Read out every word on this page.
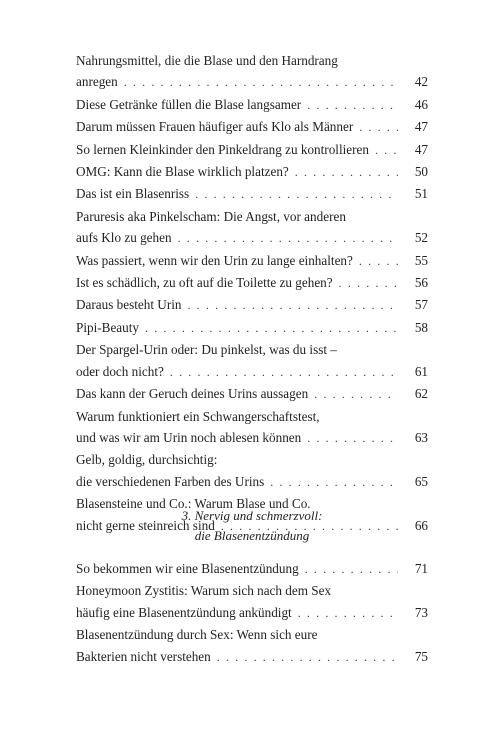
Nahrungsmittel, die die Blase und den Harndrang
anregen . . .	42
Diese Getränke füllen die Blase langsamer . . .	46
Darum müssen Frauen häufiger aufs Klo als Männer . . .	47
So lernen Kleinkinder den Pinkeldrang zu kontrollieren . . .	47
OMG: Kann die Blase wirklich platzen? . . .	50
Das ist ein Blasenriss . . .	51
Paruresis aka Pinkelscham: Die Angst, vor anderen
aufs Klo zu gehen . . .	52
Was passiert, wenn wir den Urin zu lange einhalten? . . .	55
Ist es schädlich, zu oft auf die Toilette zu gehen? . . .	56
Daraus besteht Urin . . .	57
Pipi-Beauty . . .	58
Der Spargel-Urin oder: Du pinkelst, was du isst –
oder doch nicht? . . .	61
Das kann der Geruch deines Urins aussagen . . .	62
Warum funktioniert ein Schwangerschaftstest,
und was wir am Urin noch ablesen können . . .	63
Gelb, goldig, durchsichtig:
die verschiedenen Farben des Urins . . .	65
Blasensteine und Co.: Warum Blase und Co.
nicht gerne steinreich sind . . .	66
3. Nervig und schmerzvoll:
die Blasenentzündung
So bekommen wir eine Blasenentzündung . . .	71
Honeymoon Zystitis: Warum sich nach dem Sex
häufig eine Blasenentzündung ankündigt . . .	73
Blasenentzündung durch Sex: Wenn sich eure
Bakterien nicht verstehen . . .	75
